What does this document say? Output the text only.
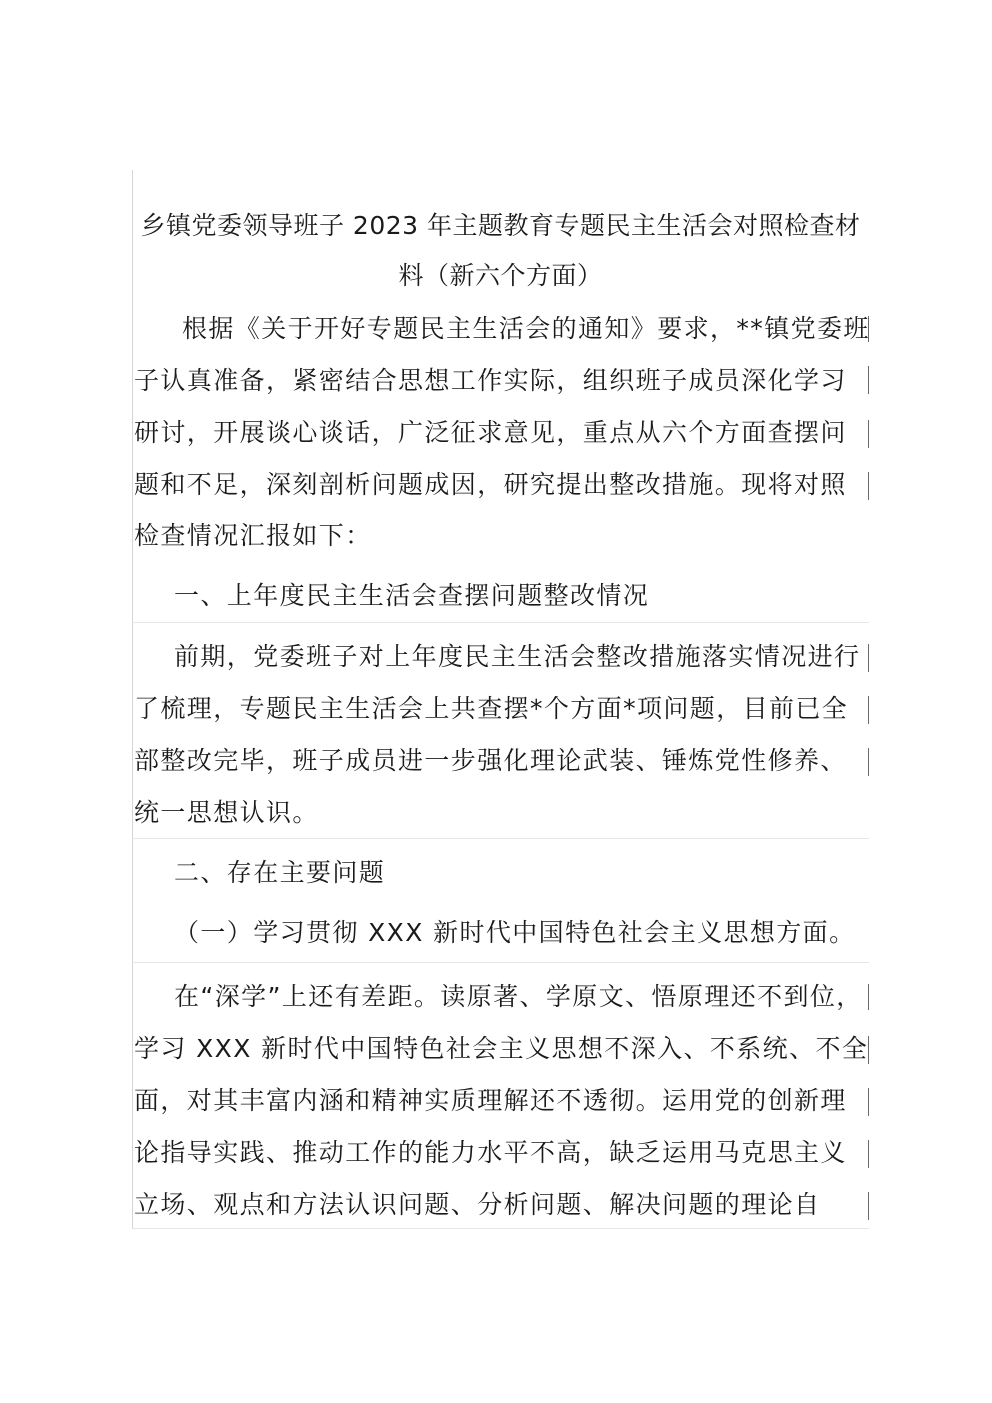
乡镇党委领导班子 2023 年主题教育专题民主生活会对照检查材
料（新六个方面）
根据《关于开好专题民主生活会的通知》要求，**镇党委班
子认真准备，紧密结合思想工作实际，组织班子成员深化学习
研讨，开展谈心谈话，广泛征求意见，重点从六个方面查摆问
题和不足，深刻剖析问题成因，研究提出整改措施。现将对照
检查情况汇报如下：
一、上年度民主生活会查摆问题整改情况
前期，党委班子对上年度民主生活会整改措施落实情况进行
了梳理，专题民主生活会上共查摆*个方面*项问题，目前已全
部整改完毕，班子成员进一步强化理论武装、锤炼党性修养、
统一思想认识。
二、存在主要问题
（一）学习贯彻 XXX 新时代中国特色社会主义思想方面。
在“深学”上还有差距。读原著、学原文、悟原理还不到位，
学习 XXX 新时代中国特色社会主义思想不深入、不系统、不全
面，对其丰富内涵和精神实质理解还不透彻。运用党的创新理
论指导实践、推动工作的能力水平不高，缺乏运用马克思主义
立场、观点和方法认识问题、分析问题、解决问题的理论自
